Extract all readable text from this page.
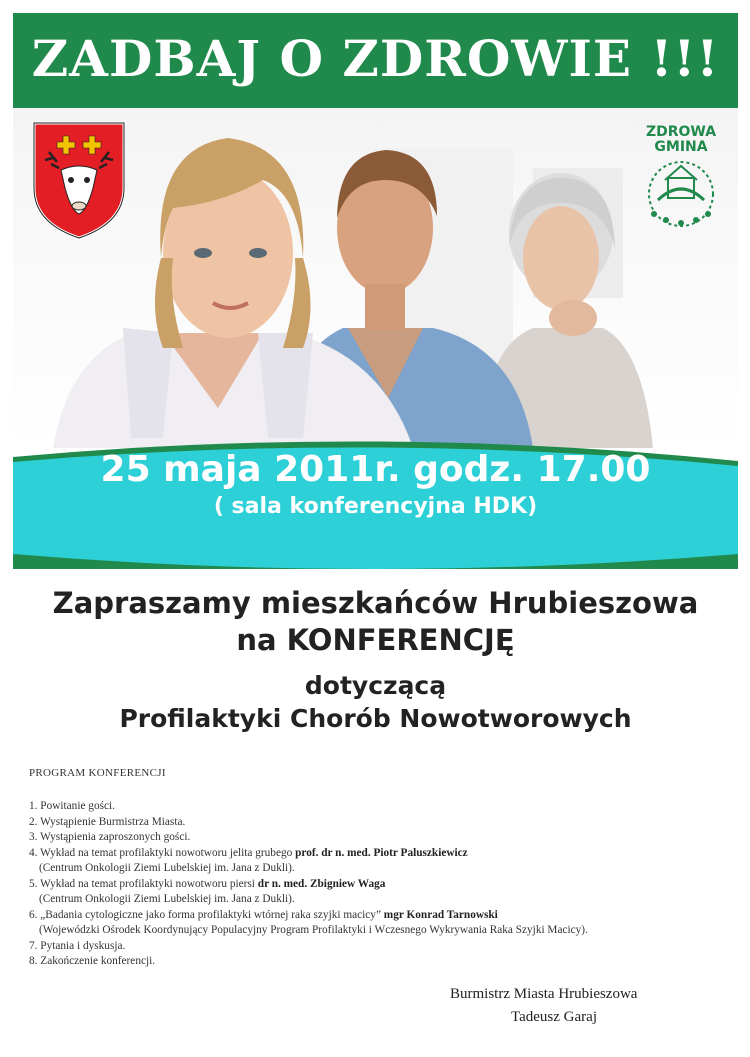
ZDROWA
GMINA
25 maja 2011r. godz. 17.00
( sala konferencyjna HDK)
ZADBAJ O ZDROWIE !!!
Zapraszamy mieszkańców Hrubieszowa
na KONFERENCJĘ
dotyczącą
Profilaktyki Chorób Nowotworowych
PROGRAM KONFERENCJI
1. Powitanie gości.
2. Wystąpienie Burmistrza Miasta.
3. Wystąpienia zaproszonych gości.
4. Wykład na temat profilaktyki nowotworu jelita grubego prof. dr n. med. Piotr Paluszkiewicz
(Centrum Onkologii Ziemi Lubelskiej im. Jana z Dukli).
5. Wykład na temat profilaktyki nowotworu piersi dr n. med. Zbigniew Waga
(Centrum Onkologii Ziemi Lubelskiej im. Jana z Dukli).
6. „Badania cytologiczne jako forma profilaktyki wtórnej raka szyjki macicy” mgr Konrad Tarnowski
(Wojewódzki Ośrodek Koordynujący Populacyjny Program Profilaktyki i Wczesnego Wykrywania Raka Szyjki Macicy).
7. Pytania i dyskusja.
8. Zakończenie konferencji.
Burmistrz Miasta Hrubieszowa
Tadeusz Garaj
